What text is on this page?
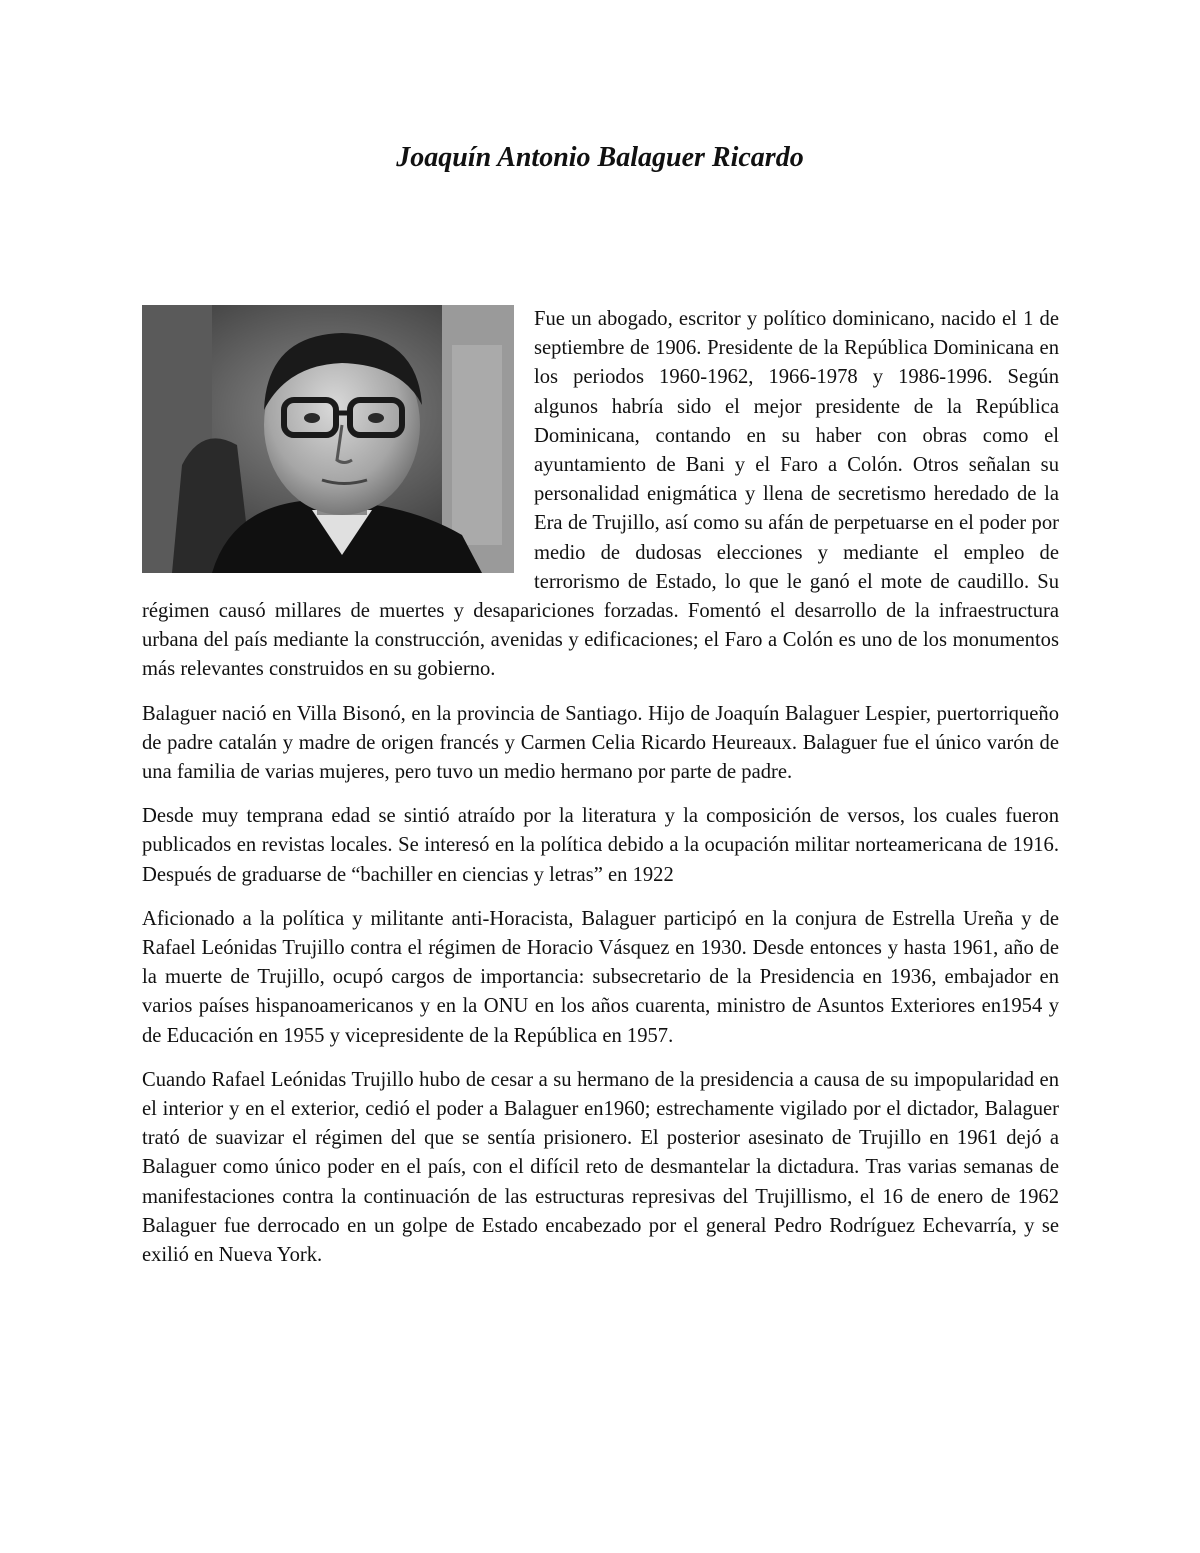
Joaquín Antonio Balaguer Ricardo

Fue un abogado, escritor y político dominicano, nacido el 1 de septiembre de 1906. Presidente de la República Dominicana en los periodos 1960-1962, 1966-1978 y 1986-1996. Según algunos habría sido el mejor presidente de la República Dominicana, contando en su haber con obras como el ayuntamiento de Bani y el Faro a Colón. Otros señalan su personalidad enigmática y llena de secretismo heredado de la Era de Trujillo, así como su afán de perpetuarse en el poder por medio de dudosas elecciones y mediante el empleo de terrorismo de Estado, lo que le ganó el mote de caudillo. Su régimen causó millares de muertes y desapariciones forzadas. Fomentó el desarrollo de la infraestructura urbana del país mediante la construcción, avenidas y edificaciones; el Faro a Colón es uno de los monumentos más relevantes construidos en su gobierno.

Balaguer nació en Villa Bisonó, en la provincia de Santiago. Hijo de Joaquín Balaguer Lespier, puertorriqueño de padre catalán y madre de origen francés y Carmen Celia Ricardo Heureaux. Balaguer fue el único varón de una familia de varias mujeres, pero tuvo un medio hermano por parte de padre.

Desde muy temprana edad se sintió atraído por la literatura y la composición de versos, los cuales fueron publicados en revistas locales. Se interesó en la política debido a la ocupación militar norteamericana de 1916. Después de graduarse de “bachiller en ciencias y letras” en 1922

Aficionado a la política y militante anti-Horacista, Balaguer participó en la conjura de Estrella Ureña y de Rafael Leónidas Trujillo contra el régimen de Horacio Vásquez en 1930. Desde entonces y hasta 1961, año de la muerte de Trujillo, ocupó cargos de importancia: subsecretario de la Presidencia en 1936, embajador en varios países hispanoamericanos y en la ONU en los años cuarenta, ministro de Asuntos Exteriores en1954 y de Educación en 1955 y vicepresidente de la República en 1957.

Cuando Rafael Leónidas Trujillo hubo de cesar a su hermano de la presidencia a causa de su impopularidad en el interior y en el exterior, cedió el poder a Balaguer en1960; estrechamente vigilado por el dictador, Balaguer trató de suavizar el régimen del que se sentía prisionero. El posterior asesinato de Trujillo en 1961 dejó a Balaguer como único poder en el país, con el difícil reto de desmantelar la dictadura. Tras varias semanas de manifestaciones contra la continuación de las estructuras represivas del Trujillismo, el 16 de enero de 1962 Balaguer fue derrocado en un golpe de Estado encabezado por el general Pedro Rodríguez Echevarría, y se exilió en Nueva York.
